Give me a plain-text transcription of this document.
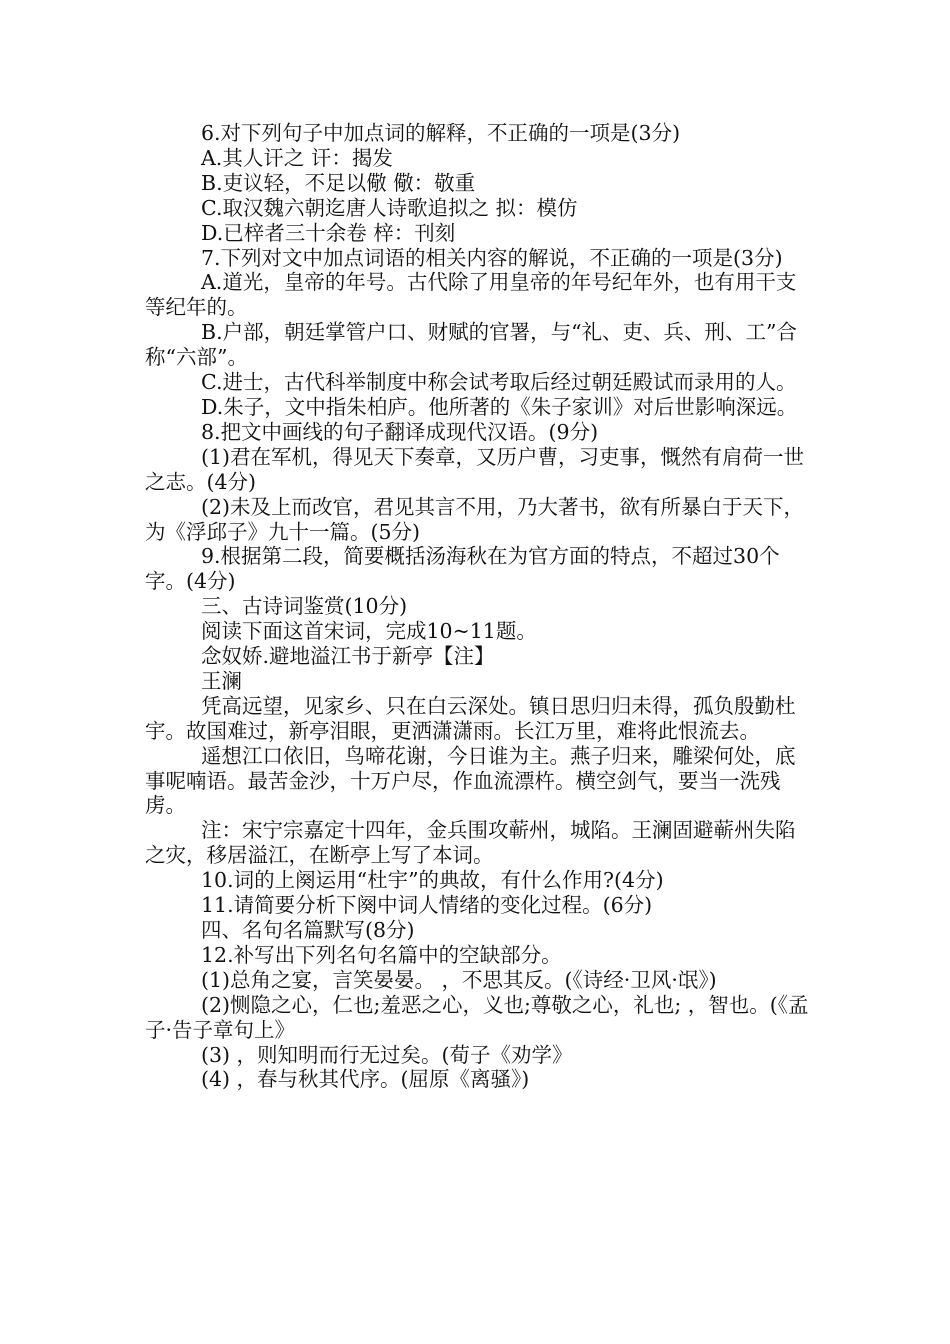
6.对下列句子中加点词的解释，不正确的一项是(3分)

A.其人讦之 讦：揭发

B.吏议轻，不足以儆 儆：敬重

C.取汉魏六朝迄唐人诗歌追拟之 拟：模仿

D.已梓者三十余卷 梓：刊刻

7.下列对文中加点词语的相关内容的解说，不正确的一项是(3分)

A.道光，皇帝的年号。古代除了用皇帝的年号纪年外，也有用干支等纪年的。

B.户部，朝廷掌管户口、财赋的官署，与“礼、吏、兵、刑、工”合称“六部”。

C.进士，古代科举制度中称会试考取后经过朝廷殿试而录用的人。

D.朱子，文中指朱柏庐。他所著的《朱子家训》对后世影响深远。

8.把文中画线的句子翻译成现代汉语。(9分)

(1)君在军机，得见天下奏章，又历户曹，习吏事，慨然有肩荷一世之志。(4分)

(2)未及上而改官，君见其言不用，乃大著书，欲有所暴白于天下，为《浮邱子》九十一篇。(5分)

9.根据第二段，简要概括汤海秋在为官方面的特点，不超过30个字。(4分)

三、古诗词鉴赏(10分)

阅读下面这首宋词，完成10~11题。

念奴娇.避地溢江书于新亭【注】

王澜

凭高远望，见家乡、只在白云深处。镇日思归归未得，孤负殷勤杜宇。故国难过，新亭泪眼，更洒潇潇雨。长江万里，难将此恨流去。

遥想江口依旧，鸟啼花谢，今日谁为主。燕子归来，雕梁何处，底事呢喃语。最苦金沙，十万户尽，作血流漂杵。横空剑气，要当一洗残虏。

注：宋宁宗嘉定十四年，金兵围攻蕲州，城陷。王澜固避蕲州失陷之灾，移居溢江，在断亭上写了本词。

10.词的上阕运用“杜宇”的典故，有什么作用?(4分)

11.请简要分析下阕中词人情绪的变化过程。(6分)

四、名句名篇默写(8分)

12.补写出下列名句名篇中的空缺部分。

(1)总角之宴，言笑晏晏。 ，不思其反。(《诗经·卫风·氓》)

(2)恻隐之心，仁也;羞恶之心，义也;尊敬之心，礼也; ，智也。(《孟子·告子章句上》

(3) ，则知明而行无过矣。(荀子《劝学》

(4) ，春与秋其代序。(屈原《离骚》)
